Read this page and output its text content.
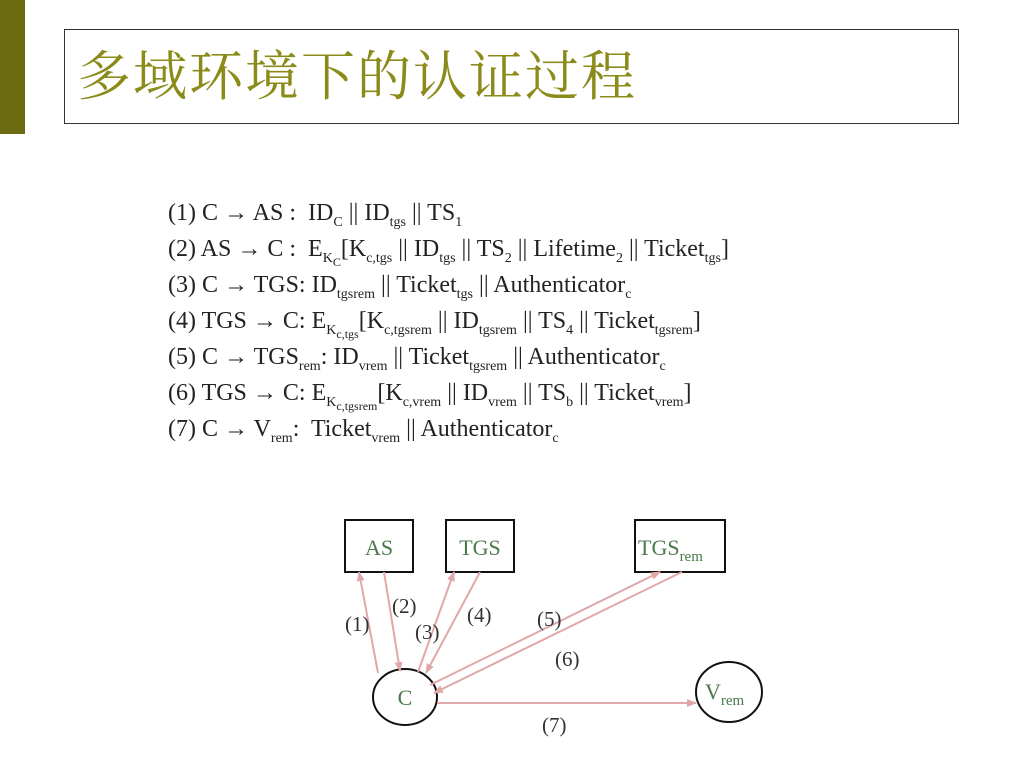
多域环境下的认证过程
(1) C → AS : $ID_C$ || $ID_{tgs}$ || $TS_1$
(2) AS → C : $E_{K_C}[K_{c,tgs}$ || $ID_{tgs}$ || $TS_2$ || Lifetime$_2$ || Ticket$_{tgs}$]
(3) C → TGS: $ID_{tgsrem}$ || Ticket$_{tgs}$ || Authenticator$_c$
(4) TGS → C: $E_{K_{c,tgs}}[K_{c,tgsrem}$ || $ID_{tgsrem}$ || $TS_4$ || Ticket$_{tgsrem}$]
(5) $C \to TGS_{rem}$: $ID_{vrem}$ || Ticket$_{tgsrem}$ || Authenticator$_c$
(6) TGS → C: $E_{K_{c,tgsrem}}[K_{c,vrem}$ || $ID_{vrem}$ || $TS_b$ || Ticket$_{vrem}$]
(7) $C \to V_{rem}$: Ticket$_{vrem}$ || Authenticator$_c$
AS	TGS	$TGS_{rem}$
C	$V_{rem}$
(1)
(2)
(3)
(4) (5)
(6)
(7)
